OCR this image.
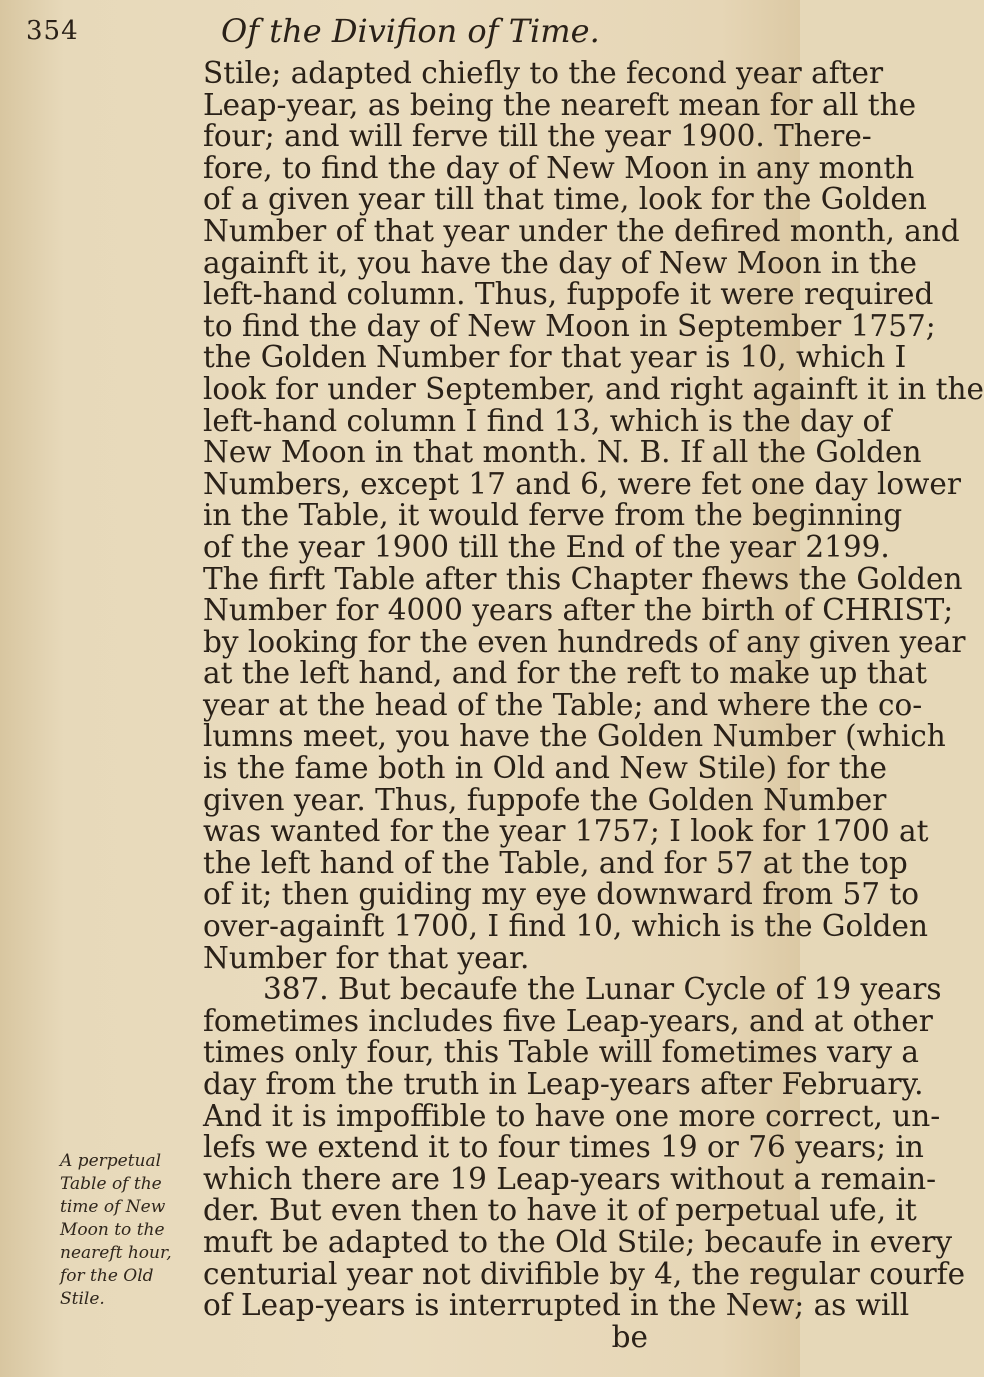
354	Of the Divifion of Time.
Stile; adapted chiefly to the fecond year after
Leap-year, as being the neareft mean for all the
four; and will ferve till the year 1900. There-
fore, to find the day of New Moon in any month
of a given year till that time, look for the Golden
Number of that year under the defired month, and
againft it, you have the day of New Moon in the
left-hand column. Thus, fuppofe it were required
to find the day of New Moon in September 1757;
the Golden Number for that year is 10, which I
look for under September, and right againft it in the
left-hand column I find 13, which is the day of
New Moon in that month. N. B. If all the Golden
Numbers, except 17 and 6, were fet one day lower
in the Table, it would ferve from the beginning
of the year 1900 till the End of the year 2199.
The firft Table after this Chapter fhews the Golden
Number for 4000 years after the birth of CHRIST;
by looking for the even hundreds of any given year
at the left hand, and for the reft to make up that
year at the head of the Table; and where the co-
lumns meet, you have the Golden Number (which
is the fame both in Old and New Stile) for the
given year. Thus, fuppofe the Golden Number
was wanted for the year 1757; I look for 1700 at
the left hand of the Table, and for 57 at the top
of it; then guiding my eye downward from 57 to
over-againft 1700, I find 10, which is the Golden
Number for that year.
387. But becaufe the Lunar Cycle of 19 years
fometimes includes five Leap-years, and at other
times only four, this Table will fometimes vary a
day from the truth in Leap-years after February.
And it is impoffible to have one more correct, un-
lefs we extend it to four times 19 or 76 years; in
which there are 19 Leap-years without a remain-
der. But even then to have it of perpetual ufe, it
muft be adapted to the Old Stile; becaufe in every
centurial year not divifible by 4, the regular courfe
of Leap-years is interrupted in the New; as will
be
A perpetual
Table of the
time of New
Moon to the
neareft hour,
for the Old
Stile.
